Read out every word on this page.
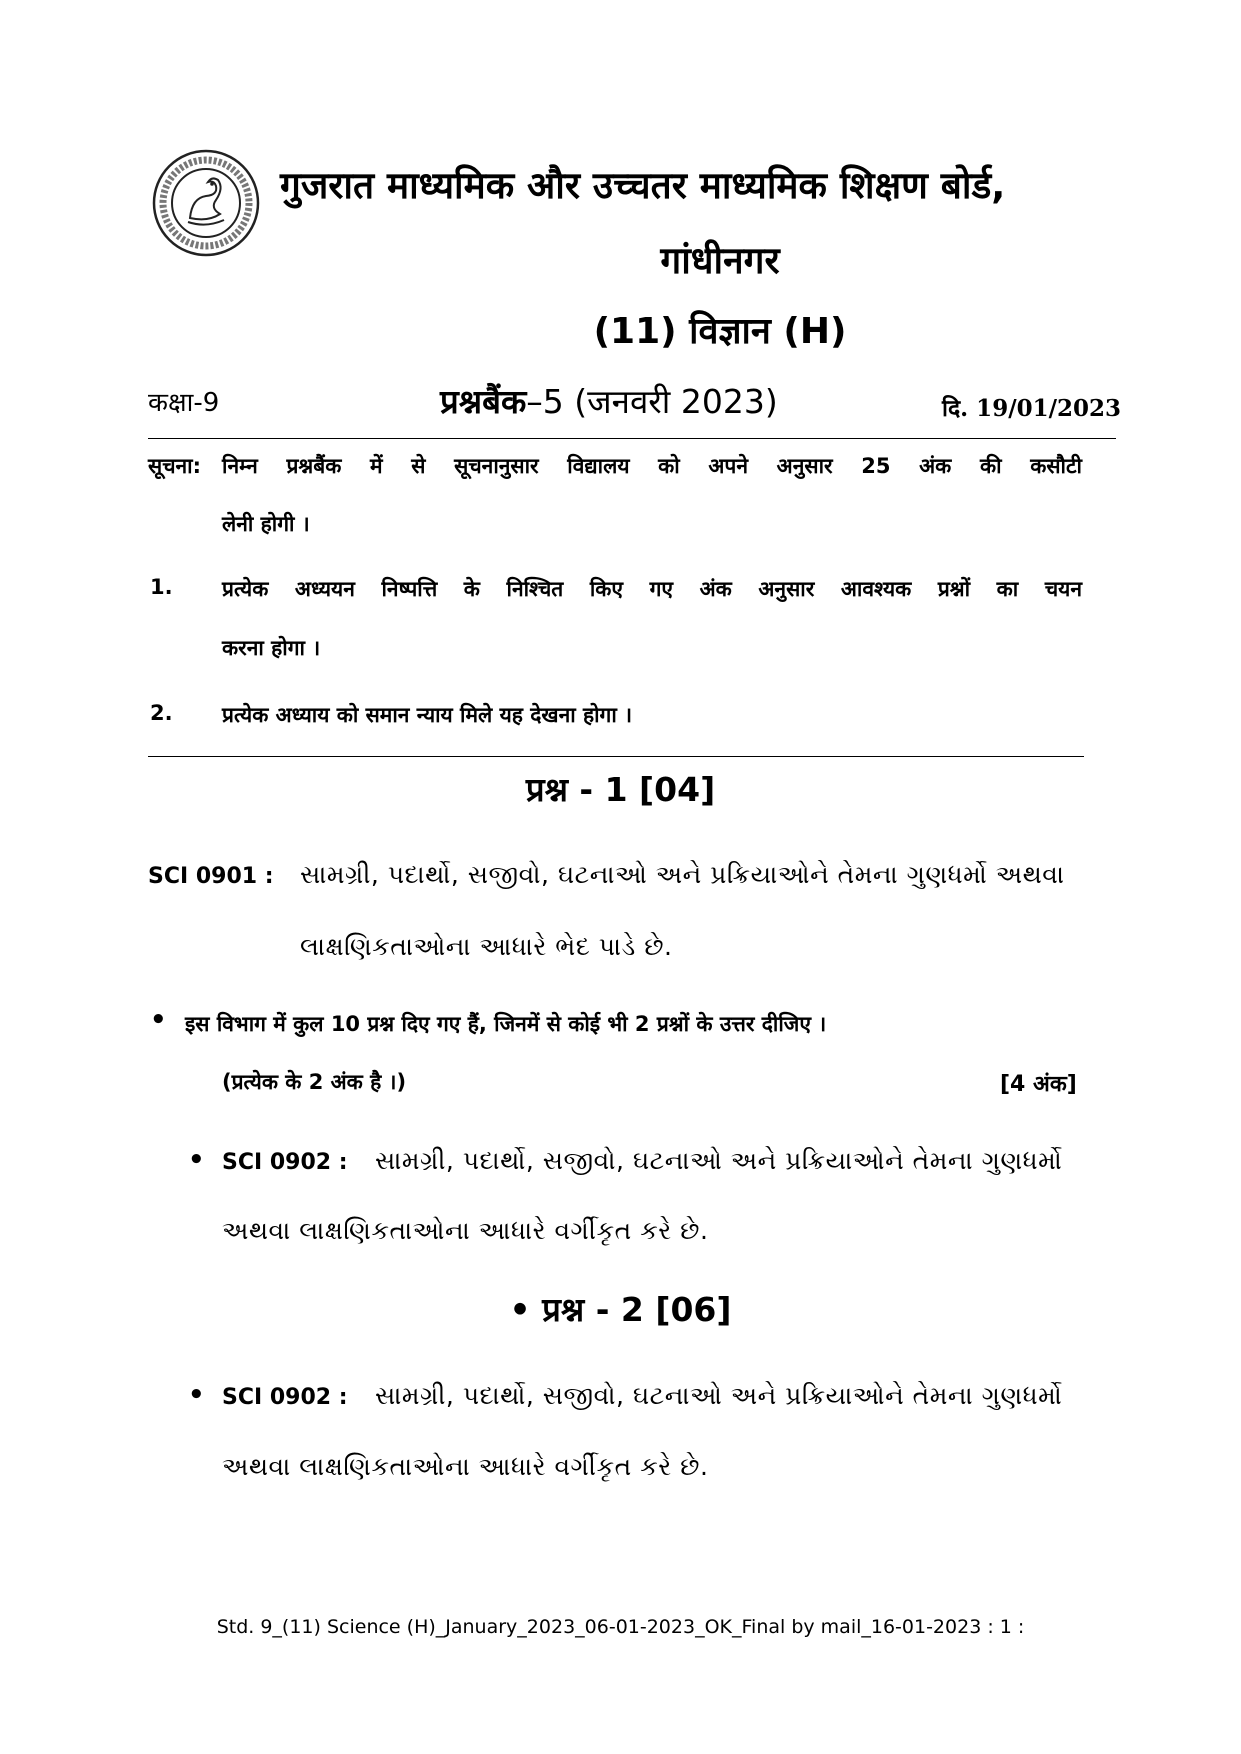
गुजरात माध्यमिक और उच्चतर माध्यमिक शिक्षण बोर्ड,
गांधीनगर
(11) विज्ञान (H)
कक्षा-9	प्रश्नबैंक–5 (जनवरी 2023)	दि. 19/01/2023
सूचना: निम्न प्रश्नबैंक में से सूचनानुसार विद्यालय को अपने अनुसार 25 अंक की कसौटी
लेनी होगी ।
1. प्रत्येक अध्ययन निष्पत्ति के निश्चित किए गए अंक अनुसार आवश्यक प्रश्नों का चयन
करना होगा ।
2. प्रत्येक अध्याय को समान न्याय मिले यह देखना होगा ।
प्रश्न - 1 [04]
SCI 0901 : સામગ્રી, પદાર્થો, સજીવો, ઘટનાઓ અને પ્રક્રિયાઓને તેમના ગુણધર્મો અથવા
લાક્ષણિકતાઓના આધારે ભેદ પાડે છે.
• इस विभाग में कुल 10 प्रश्न दिए गए हैं, जिनमें से कोई भी 2 प्रश्नों के उत्तर दीजिए ।
(प्रत्येक के 2 अंक है ।)	[4 अंक]
• SCI 0902 : સામગ્રી, પદાર્થો, સજીવો, ઘટનાઓ અને પ્રક્રિયાઓને તેમના ગુણધર્મો
અથવા લાક્ષણિકતાઓના આધારે વર્ગીકૃત કરે છે.
• प्रश्न - 2 [06]
• SCI 0902 : સામગ્રી, પદાર્થો, સજીવો, ઘટનાઓ અને પ્રક્રિયાઓને તેમના ગુણધર્મો
અથવા લાક્ષણિકતાઓના આધારે વર્ગીકૃત કરે છે.
Std. 9_(11) Science (H)_January_2023_06-01-2023_OK_Final by mail_16-01-2023 : 1 :
